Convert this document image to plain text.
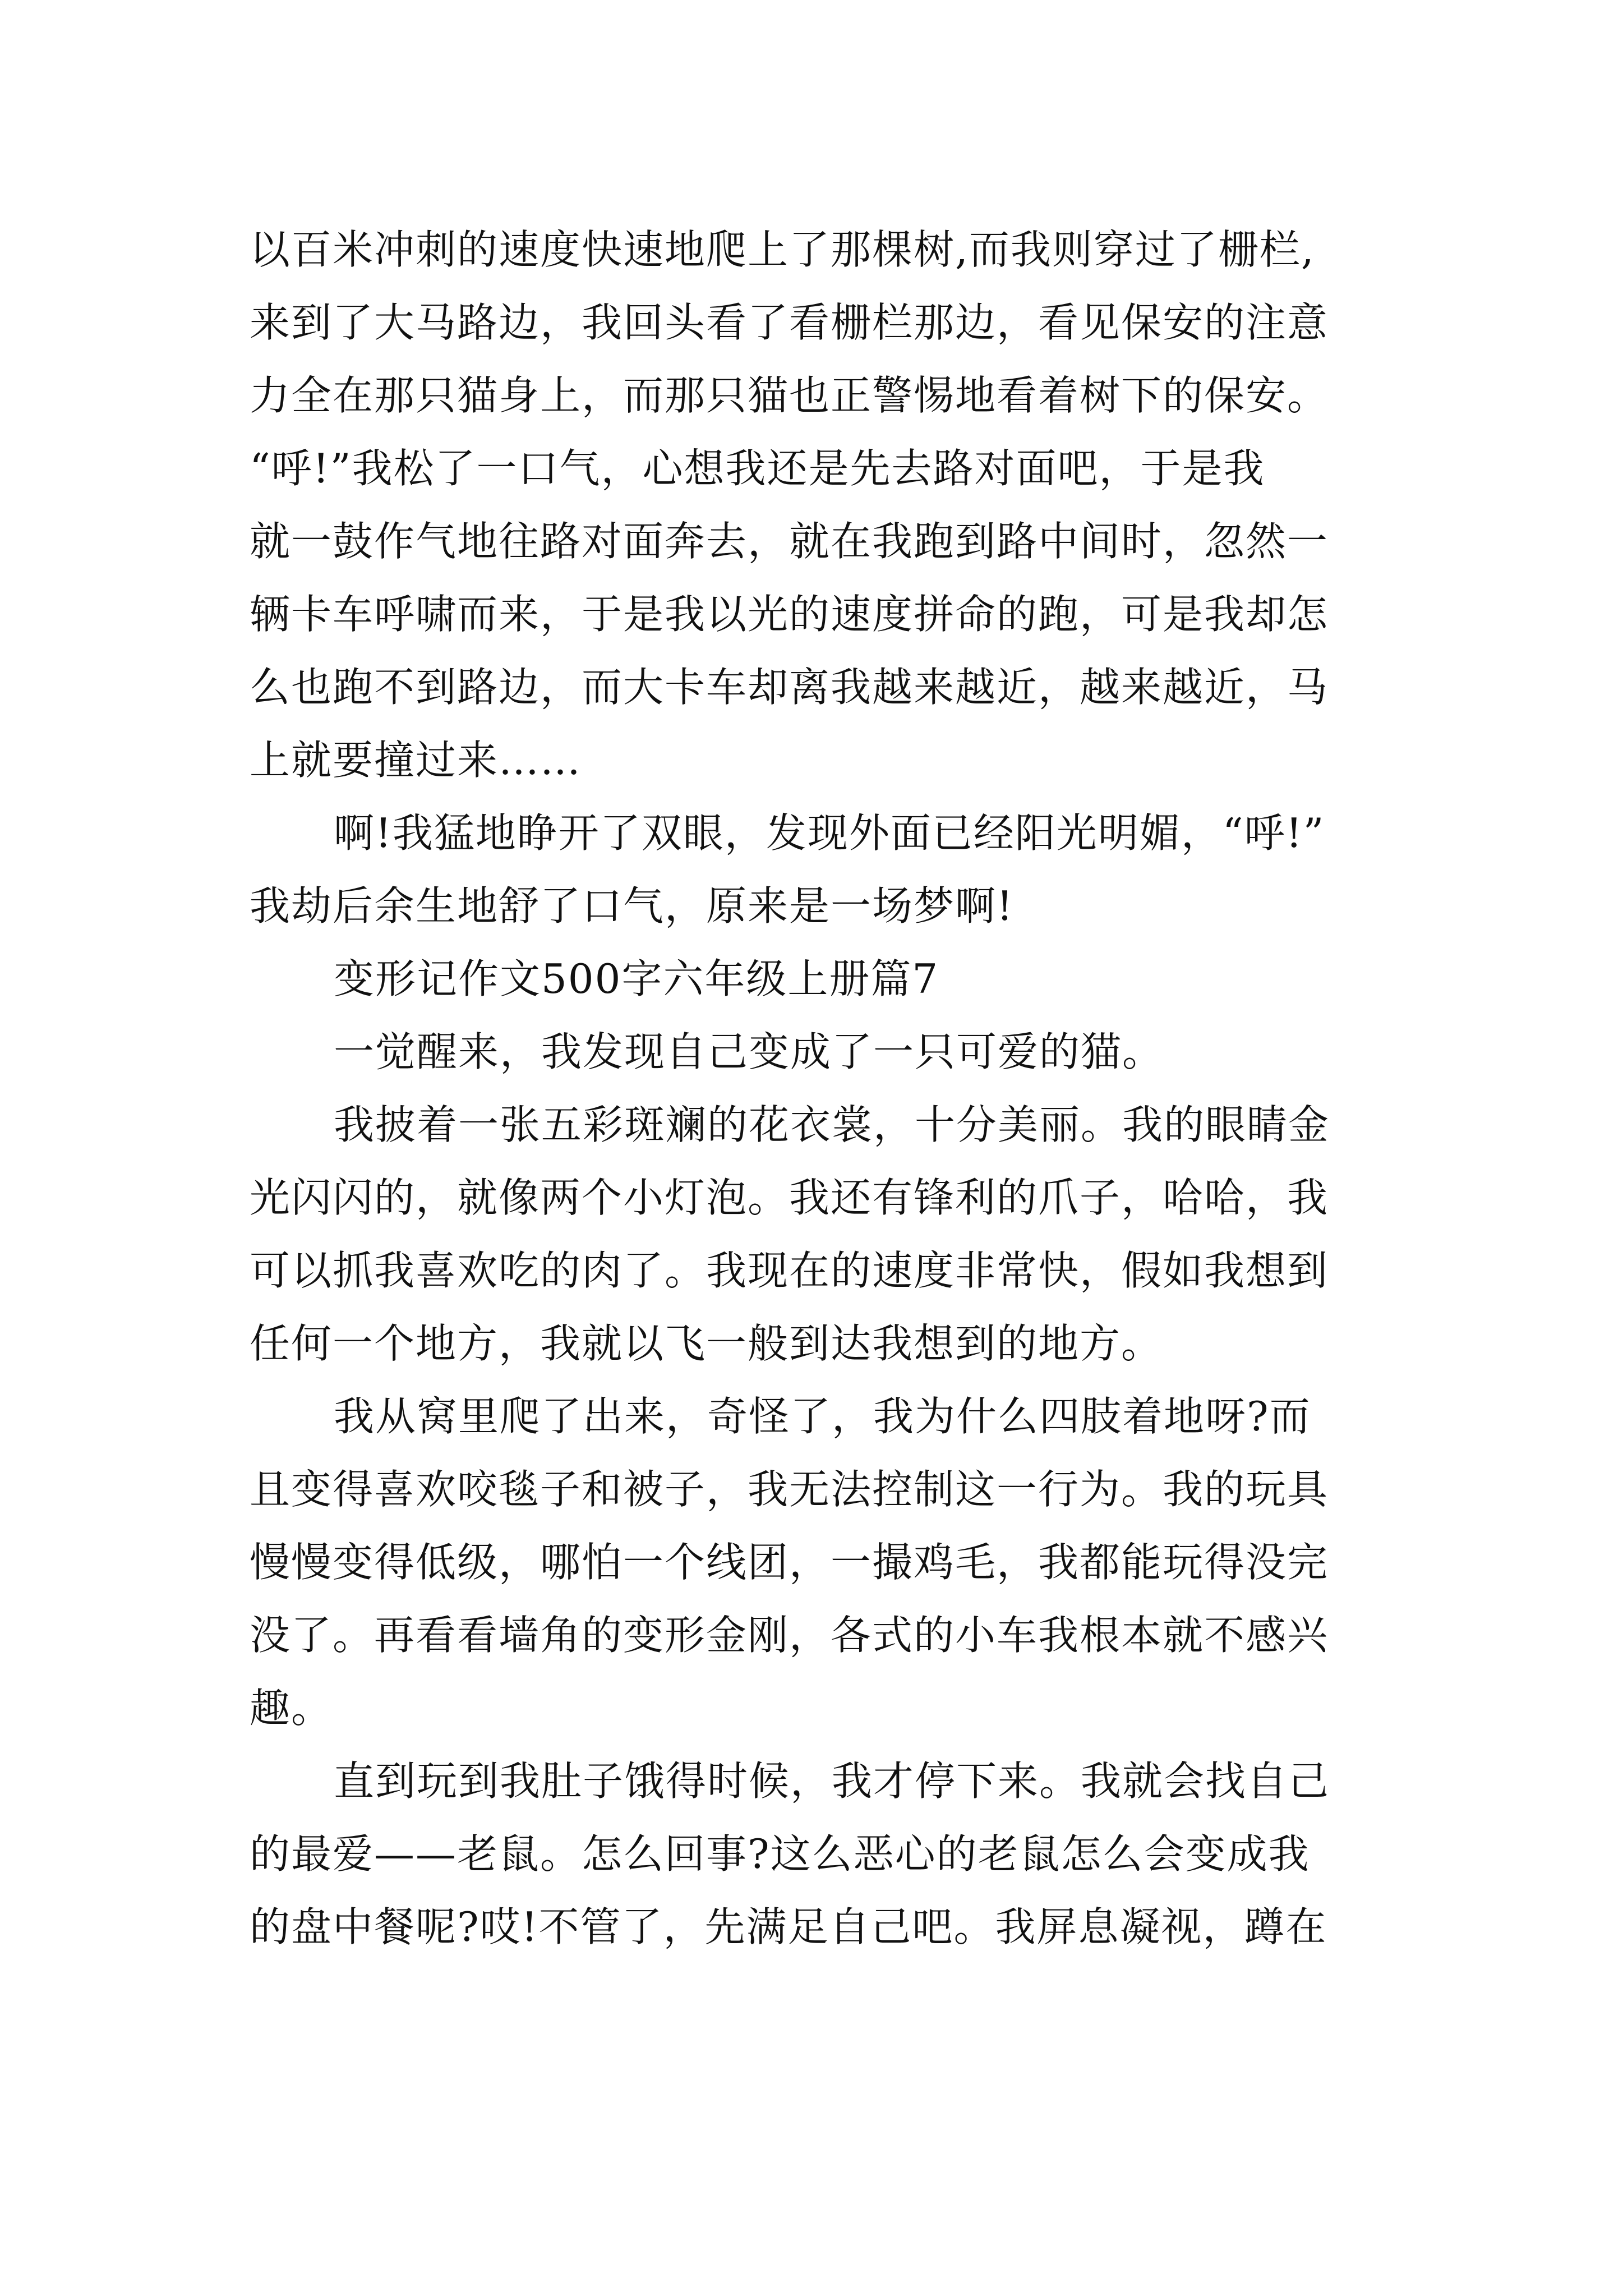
以百米冲刺的速度快速地爬上了那棵树,而我则穿过了栅栏,
来到了大马路边，我回头看了看栅栏那边，看见保安的注意
力全在那只猫身上，而那只猫也正警惕地看着树下的保安。
“呼!”我松了一口气，心想我还是先去路对面吧，于是我
就一鼓作气地往路对面奔去，就在我跑到路中间时，忽然一
辆卡车呼啸而来，于是我以光的速度拼命的跑，可是我却怎
么也跑不到路边，而大卡车却离我越来越近，越来越近，马
上就要撞过来……
啊!我猛地睁开了双眼，发现外面已经阳光明媚，“呼!”
我劫后余生地舒了口气，原来是一场梦啊!
变形记作文500字六年级上册篇7
一觉醒来，我发现自己变成了一只可爱的猫。
我披着一张五彩斑斓的花衣裳，十分美丽。我的眼睛金
光闪闪的，就像两个小灯泡。我还有锋利的爪子，哈哈，我
可以抓我喜欢吃的肉了。我现在的速度非常快，假如我想到
任何一个地方，我就以飞一般到达我想到的地方。
我从窝里爬了出来，奇怪了，我为什么四肢着地呀?而
且变得喜欢咬毯子和被子，我无法控制这一行为。我的玩具
慢慢变得低级，哪怕一个线团，一撮鸡毛，我都能玩得没完
没了。再看看墙角的变形金刚，各式的小车我根本就不感兴
趣。
直到玩到我肚子饿得时候，我才停下来。我就会找自己
的最爱——老鼠。怎么回事?这么恶心的老鼠怎么会变成我
的盘中餐呢?哎!不管了，先满足自己吧。我屏息凝视，蹲在
